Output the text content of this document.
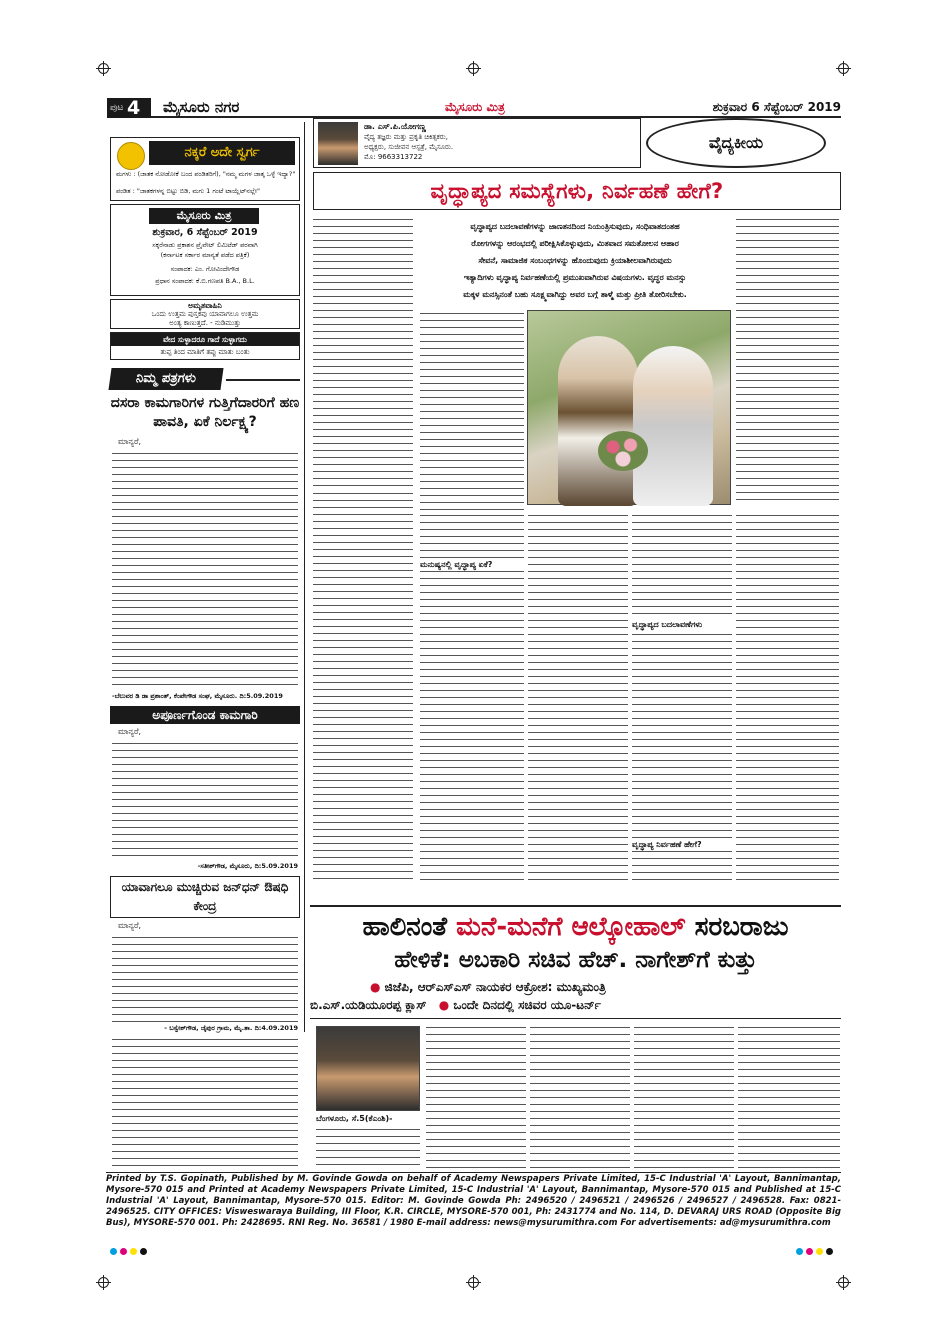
ಪುಟ 4 ಮೈಸೂರು ನಗರ	ಮೈಸೂರು ಮಿತ್ರ	ಶುಕ್ರವಾರ 6 ಸೆಪ್ಟೆಂಬರ್ 2019
ನಕ್ಕರೆ ಅದೇ ಸ್ವರ್ಗ
ಮಗಳು : (ಜಾತಕ ನೋಡೋಕೆ ಬಂದ ಪಂಡಿತರಿಗೆ), "ನಮ್ಮ ಮಗಳ ಜಾತ್ಕ ಒಳ್ಳೆ ಇದ್ಯಾ?"
ಪಂಡಿತ : "ಜಾತಕಗಳನ್ನ ಬಿಟ್ಟು ಬಿಡಿ, ಮಗು 1 ಗಂಟೆ ಟಾಯ್ಲೆಟ್‌ನಲ್ಲೇ"
ಮೈಸೂರು ಮಿತ್ರ
ಶುಕ್ರವಾರ, 6 ಸೆಪ್ಟೆಂಬರ್ 2019
ಸಕ್ಕರೆನಾಡು ಪ್ರಕಾಶನ ಪ್ರೈವೇಟ್ ಲಿಮಿಟೆಡ್ ಪರವಾಗಿ
(ಕರ್ನಾಟಕ ಸರ್ಕಾರ ಮಾನ್ಯತೆ ಪಡೆದ ಪತ್ರಿಕೆ)
ಸಂಪಾದಕ: ಎಂ. ಗೋವಿಂದೇಗೌಡ
ಪ್ರಧಾನ ಸಂಪಾದಕ: ಕೆ.ಬಿ.ಗಣಪತಿ B.A., B.L.
ಅಮೃತವಾಹಿನಿ
ಒಂದು ಉತ್ತಮ ಪುಸ್ತಕವು ಯಾವಾಗಲೂ ಉತ್ತಮ
ಅಂತ್ಯ ಕಾಣುತ್ತದೆ. - ನುಡಿಮುತ್ತು
ವೇದ ಸುಳ್ಳಾದರೂ ಗಾದೆ ಸುಳ್ಳಾಗದು
ತುಪ್ಪ ತಿಂದ ಮಾತಿಗೆ ತಪ್ಪು ಮಾತು ಬಂತು
ನಿಮ್ಮ ಪತ್ರಗಳು
ದಸರಾ ಕಾಮಗಾರಿಗಳ ಗುತ್ತಿಗೆದಾರರಿಗೆ ಹಣ ಪಾವತಿ, ಏಕೆ ನಿರ್ಲಕ್ಷ್ಯ?
ಮಾನ್ಯರೆ,
-ಬೆಲುವರ ಡಿ ಡಾ ಪ್ರಶಾಂತ್, ಕೆಂಪೇಗೌಡ ಸಂಘ, ಮೈಸೂರು. ದಿ:5.09.2019
ಅಪೂರ್ಣಗೊಂಡ ಕಾಮಗಾರಿ
ಮಾನ್ಯರೆ,
-ಸತೀಶ್‌ಗೌಡ, ಮೈಸೂರು, ದಿ:5.09.2019
ಯಾವಾಗಲೂ ಮುಚ್ಚಿರುವ ಜನ್‌ಧನ್ ಔಷಧಿ ಕೇಂದ್ರ
ಮಾನ್ಯರೆ,
- ಬಸ್ವೇಶ್‌ಗೌಡ, ಜೈಪುರ ಗ್ರಾಮ, ಮೈ.ತಾ. ದಿ:4.09.2019
ಡಾ. ಎಸ್.ಪಿ.ಯೋಗಣ್ಣ
ವೈದ್ಯ ತಜ್ಞರು ಮತ್ತು ಪ್ರಕೃತಿ ಚಿಕಿತ್ಸಕರು,
ಅಧ್ಯಕ್ಷರು, ಸುಜೀವನ ಆಸ್ಪತ್ರೆ, ಮೈಸೂರು.
ಮೊ: 9663313722
ವೈದ್ಯಕೀಯ
ವೃದ್ಧಾಪ್ಯದ ಸಮಸ್ಯೆಗಳು, ನಿರ್ವಹಣೆ ಹೇಗೆ?
ವೃದ್ಧಾಪ್ಯದ ಬದಲಾವಣೆಗಳನ್ನು ಜಾಣತನದಿಂದ ನಿಯಂತ್ರಿಸುವುದು, ಸಂಧಿವಾತದಂತಹ
ರೋಗಗಳನ್ನು ಆರಂಭದಲ್ಲಿ ಪರೀಕ್ಷಿಸಿಕೊಳ್ಳುವುದು, ಮಿತವಾದ ಸಮತೋಲನ ಆಹಾರ
ಸೇವನೆ, ಸಾಮಾಜಿಕ ಸಂಬಂಧಗಳನ್ನು ಹೊಂದುವುದು ಕ್ರಿಯಾಶೀಲವಾಗಿರುವುದು
ಇತ್ಯಾದಿಗಳು ವೃದ್ಧಾಪ್ಯ ನಿರ್ವಹಣೆಯಲ್ಲಿ ಪ್ರಮುಖವಾಗಿರುವ ವಿಷಯಗಳು. ವೃದ್ಧರ ಮನಸ್ಸು
ಮಕ್ಕಳ ಮನಸ್ಸಿನಂತೆ ಬಹು ಸೂಕ್ಷ್ಮವಾಗಿದ್ದು ಅವರ ಬಗ್ಗೆ ತಾಳ್ಮೆ ಮತ್ತು ಪ್ರೀತಿ ತೋರಿಸಬೇಕು.
ಮನುಷ್ಯನಲ್ಲಿ ವೃದ್ಧಾಪ್ಯ ಏಕೆ?
ವೃದ್ಧಾಪ್ಯದ ಬದಲಾವಣೆಗಳು
ವೃದ್ಧಾಪ್ಯ ನಿರ್ವಹಣೆ ಹೇಗೆ?
ಹಾಲಿನಂತೆ ಮನೆ-ಮನೆಗೆ ಆಲ್ಕೋಹಾಲ್ ಸರಬರಾಜು
ಹೇಳಿಕೆ: ಅಬಕಾರಿ ಸಚಿವ ಹೆಚ್. ನಾಗೇಶ್‌ಗೆ ಕುತ್ತು
● ಜಿಜೆಪಿ, ಆರ್‌ಎಸ್‌ಎಸ್ ನಾಯಕರ ಆಕ್ರೋಶ: ಮುಖ್ಯಮಂತ್ರಿ
ಬಿ.ಎಸ್.ಯಡಿಯೂರಪ್ಪ ಕ್ಲಾಸ್ ● ಒಂದೇ ದಿನದಲ್ಲಿ ಸಚಿವರ ಯೂ-ಟರ್ನ್
ಬೆಂಗಳೂರು, ಸೆ.5(ಕೆಎಂಶಿ)-
Printed by T.S. Gopinath, Published by M. Govinde Gowda on behalf of Academy Newspapers Private Limited, 15-C Industrial 'A' Layout, Bannimantap, Mysore-570 015 and Printed at Academy Newspapers Private Limited, 15-C Industrial 'A' Layout, Bannimantap, Mysore-570 015 and Published at 15-C Industrial 'A' Layout, Bannimantap, Mysore-570 015. Editor: M. Govinde Gowda Ph: 2496520 / 2496521 / 2496526 / 2496527 / 2496528. Fax: 0821-2496525. CITY OFFICES: Visweswaraya Building, III Floor, K.R. CIRCLE, MYSORE-570 001, Ph: 2431774 and No. 114, D. DEVARAJ URS ROAD (Opposite Big Bus), MYSORE-570 001. Ph: 2428695. RNI Reg. No. 36581 / 1980 E-mail address: news@mysurumithra.com For advertisements: ad@mysurumithra.com
